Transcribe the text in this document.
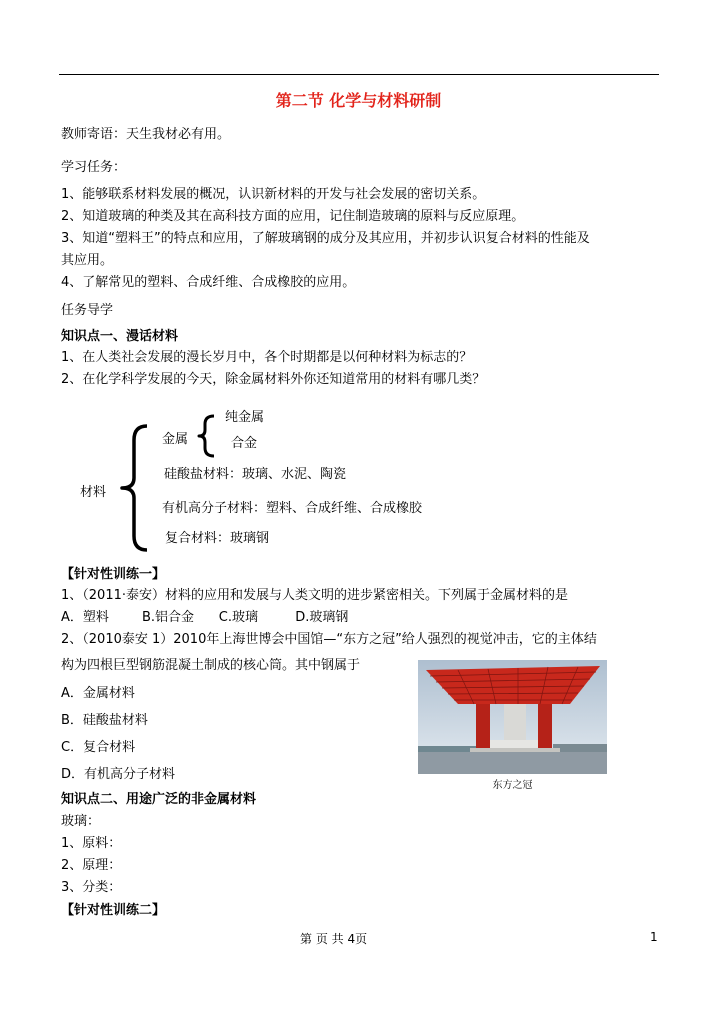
第二节 化学与材料研制
教师寄语：天生我材必有用。
学习任务：
1、能够联系材料发展的概况，认识新材料的开发与社会发展的密切关系。
2、知道玻璃的种类及其在高科技方面的应用，记住制造玻璃的原料与反应原理。
3、知道“塑料王”的特点和应用，了解玻璃钢的成分及其应用，并初步认识复合材料的性能及
其应用。
4、了解常见的塑料、合成纤维、合成橡胶的应用。
任务导学
知识点一、漫话材料
1、在人类社会发展的漫长岁月中，各个时期都是以何种材料为标志的？
2、在化学科学发展的今天，除金属材料外你还知道常用的材料有哪几类？
材料
金属
纯金属
合金
硅酸盐材料：玻璃、水泥、陶瓷
有机高分子材料：塑料、合成纤维、合成橡胶
复合材料：玻璃钢
【针对性训练一】
1、（2011·泰安）材料的应用和发展与人类文明的进步紧密相关。下列属于金属材料的是
A．塑料        B.铝合金      C.玻璃         D.玻璃钢
2、（2010泰安 1）2010年上海世博会中国馆—“东方之冠”给人强烈的视觉冲击，它的主体结
构为四根巨型钢筋混凝土制成的核心筒。其中钢属于
A．金属材料
B．硅酸盐材料
C．复合材料
D．有机高分子材料
东方之冠
知识点二、用途广泛的非金属材料
玻璃：
1、原料：
2、原理：
3、分类：
【针对性训练二】
第 页 共 4页	1
